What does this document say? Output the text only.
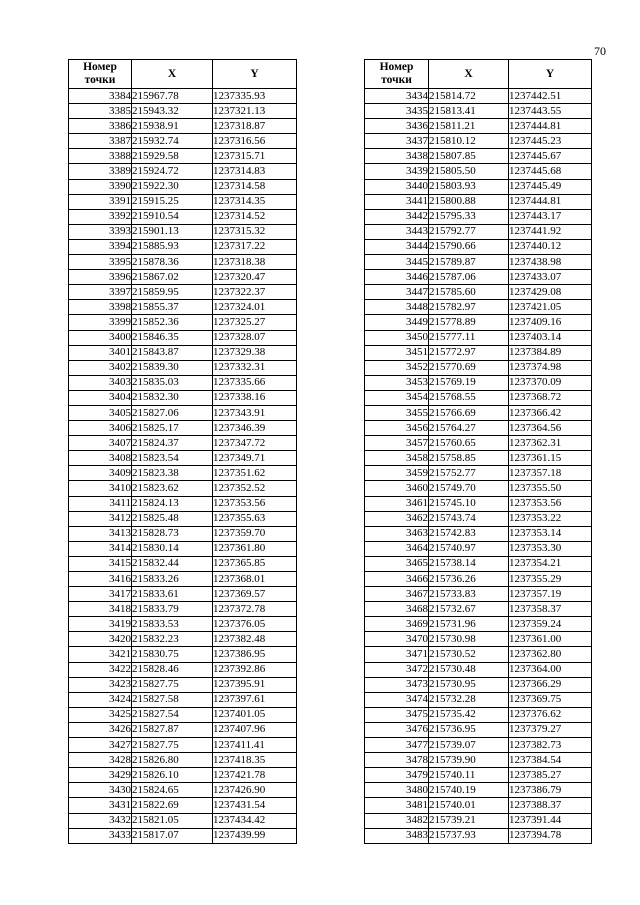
70
Номер точки	X	Y
3384	215967.78	1237335.93
3385	215943.32	1237321.13
3386	215938.91	1237318.87
3387	215932.74	1237316.56
3388	215929.58	1237315.71
3389	215924.72	1237314.83
3390	215922.30	1237314.58
3391	215915.25	1237314.35
3392	215910.54	1237314.52
3393	215901.13	1237315.32
3394	215885.93	1237317.22
3395	215878.36	1237318.38
3396	215867.02	1237320.47
3397	215859.95	1237322.37
3398	215855.37	1237324.01
3399	215852.36	1237325.27
3400	215846.35	1237328.07
3401	215843.87	1237329.38
3402	215839.30	1237332.31
3403	215835.03	1237335.66
3404	215832.30	1237338.16
3405	215827.06	1237343.91
3406	215825.17	1237346.39
3407	215824.37	1237347.72
3408	215823.54	1237349.71
3409	215823.38	1237351.62
3410	215823.62	1237352.52
3411	215824.13	1237353.56
3412	215825.48	1237355.63
3413	215828.73	1237359.70
3414	215830.14	1237361.80
3415	215832.44	1237365.85
3416	215833.26	1237368.01
3417	215833.61	1237369.57
3418	215833.79	1237372.78
3419	215833.53	1237376.05
3420	215832.23	1237382.48
3421	215830.75	1237386.95
3422	215828.46	1237392.86
3423	215827.75	1237395.91
3424	215827.58	1237397.61
3425	215827.54	1237401.05
3426	215827.87	1237407.96
3427	215827.75	1237411.41
3428	215826.80	1237418.35
3429	215826.10	1237421.78
3430	215824.65	1237426.90
3431	215822.69	1237431.54
3432	215821.05	1237434.42
3433	215817.07	1237439.99
Номер точки	X	Y
3434	215814.72	1237442.51
3435	215813.41	1237443.55
3436	215811.21	1237444.81
3437	215810.12	1237445.23
3438	215807.85	1237445.67
3439	215805.50	1237445.68
3440	215803.93	1237445.49
3441	215800.88	1237444.81
3442	215795.33	1237443.17
3443	215792.77	1237441.92
3444	215790.66	1237440.12
3445	215789.87	1237438.98
3446	215787.06	1237433.07
3447	215785.60	1237429.08
3448	215782.97	1237421.05
3449	215778.89	1237409.16
3450	215777.11	1237403.14
3451	215772.97	1237384.89
3452	215770.69	1237374.98
3453	215769.19	1237370.09
3454	215768.55	1237368.72
3455	215766.69	1237366.42
3456	215764.27	1237364.56
3457	215760.65	1237362.31
3458	215758.85	1237361.15
3459	215752.77	1237357.18
3460	215749.70	1237355.50
3461	215745.10	1237353.56
3462	215743.74	1237353.22
3463	215742.83	1237353.14
3464	215740.97	1237353.30
3465	215738.14	1237354.21
3466	215736.26	1237355.29
3467	215733.83	1237357.19
3468	215732.67	1237358.37
3469	215731.96	1237359.24
3470	215730.98	1237361.00
3471	215730.52	1237362.80
3472	215730.48	1237364.00
3473	215730.95	1237366.29
3474	215732.28	1237369.75
3475	215735.42	1237376.62
3476	215736.95	1237379.27
3477	215739.07	1237382.73
3478	215739.90	1237384.54
3479	215740.11	1237385.27
3480	215740.19	1237386.79
3481	215740.01	1237388.37
3482	215739.21	1237391.44
3483	215737.93	1237394.78
